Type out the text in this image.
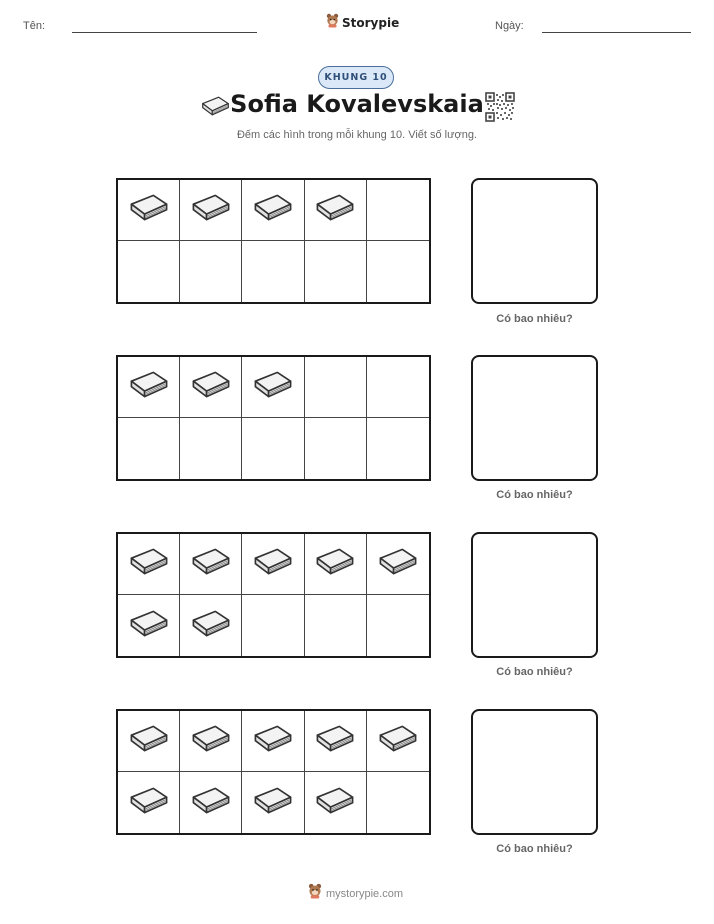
Tên:	Storypie	Ngày:
KHUNG 10
Sofia Kovalevskaia
Đếm các hình trong mỗi khung 10. Viết số lượng.
Có bao nhiêu?
Có bao nhiêu?
Có bao nhiêu?
Có bao nhiêu?
mystorypie.com
